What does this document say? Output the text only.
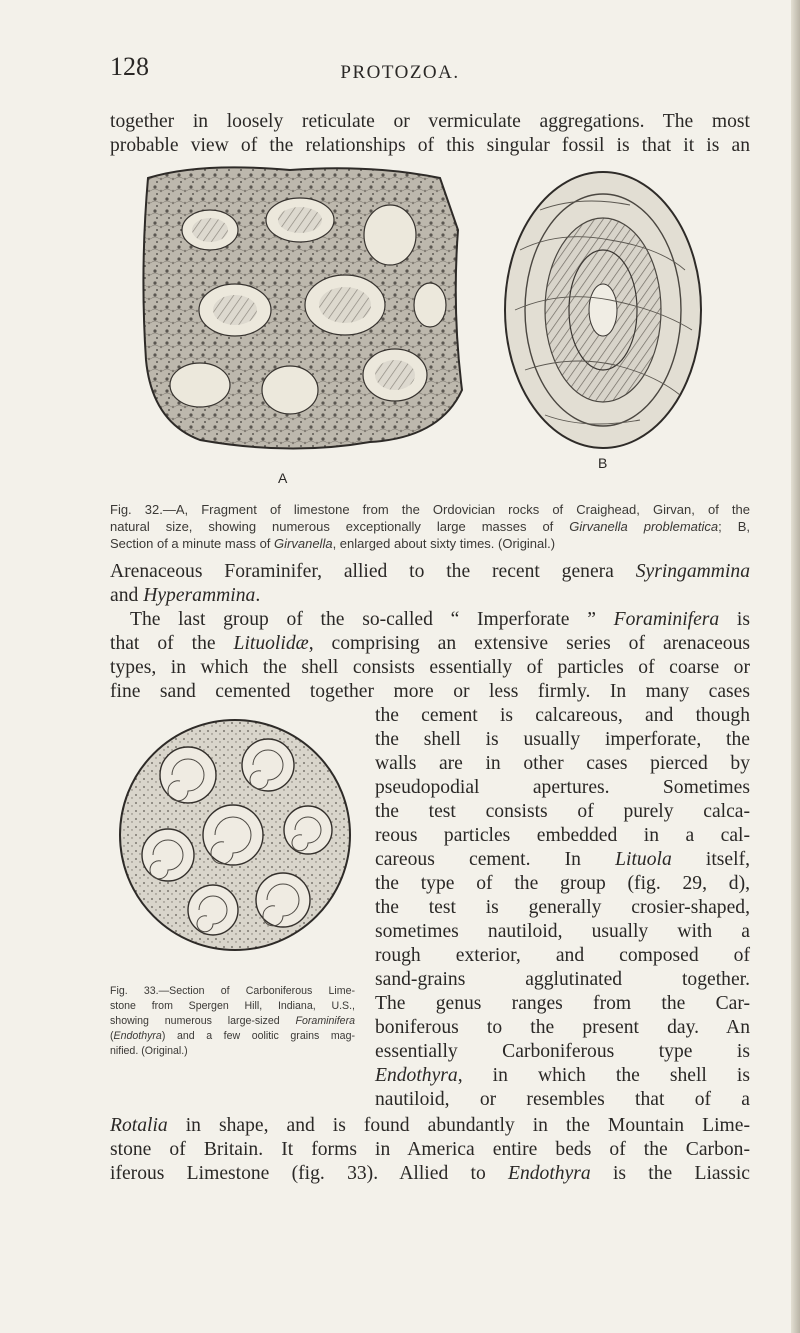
128	PROTOZOA.
together in loosely reticulate or vermiculate aggregations. The most
probable view of the relationships of this singular fossil is that it is an
A
B
Fig. 32.—A, Fragment of limestone from the Ordovician rocks of Craighead, Girvan, of the
natural size, showing numerous exceptionally large masses of Girvanella problematica; B,
Section of a minute mass of Girvanella, enlarged about sixty times. (Original.)
Arenaceous Foraminifer, allied to the recent genera Syringammina
and Hyperammina.
The last group of the so-called “ Imperforate ” Foraminifera is
that of the Lituolidæ, comprising an extensive series of arenaceous
types, in which the shell consists essentially of particles of coarse or
fine sand cemented together more or less firmly. In many cases
the cement is calcareous, and though
the shell is usually imperforate, the
walls are in other cases pierced by
pseudopodial apertures. Sometimes
the test consists of purely calca-
reous particles embedded in a cal-
careous cement. In Lituola itself,
the type of the group (fig. 29, d),
the test is generally crosier-shaped,
sometimes nautiloid, usually with a
rough exterior, and composed of
sand-grains agglutinated together.
The genus ranges from the Car-
boniferous to the present day. An
essentially Carboniferous type is
Endothyra, in which the shell is
nautiloid, or resembles that of a
Fig. 33.—Section of Carboniferous Lime-
stone from Spergen Hill, Indiana, U.S.,
showing numerous large-sized Foraminifera
(Endothyra) and a few oolitic grains mag-
nified. (Original.)
Rotalia in shape, and is found abundantly in the Mountain Lime-
stone of Britain. It forms in America entire beds of the Carbon-
iferous Limestone (fig. 33). Allied to Endothyra is the Liassic
